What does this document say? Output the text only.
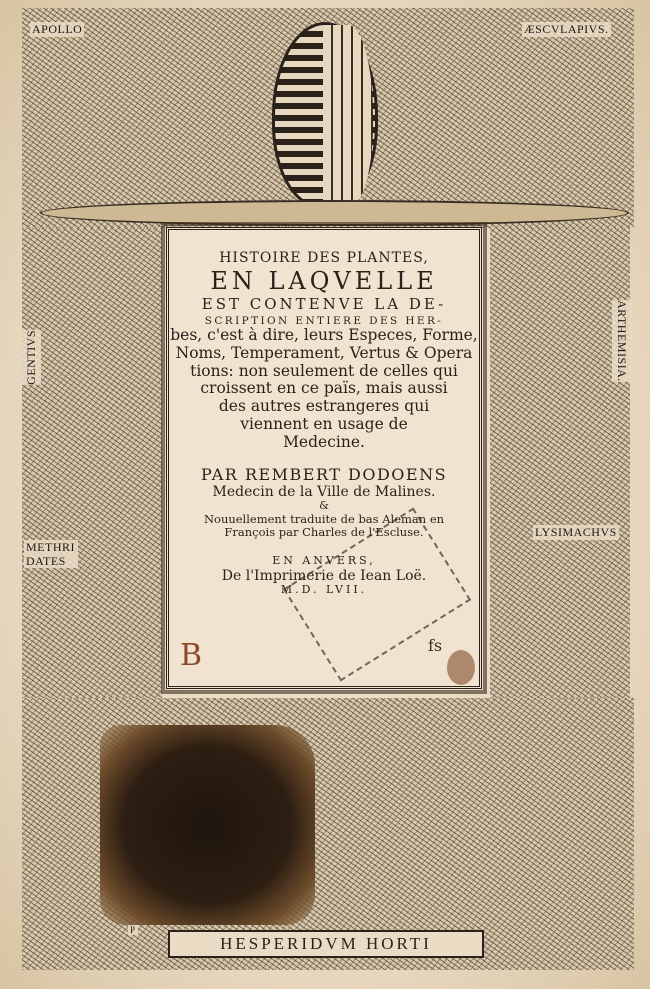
APOLLO	ÆSCVLAPIVS.
GENTIVS	ARTHEMISIA.
METHRI DATES
LYSIMACHVS
P
HISTOIRE DES PLANTES,
EN LAQVELLE
EST CONTENVE LA DE-
SCRIPTION ENTIERE DES HER-
bes, c'est à dire, leurs Especes, Forme,
Noms, Temperament, Vertus & Opera
tions: non seulement de celles qui
croissent en ce païs, mais aussi
des autres estrangeres qui
viennent en usage de
Medecine.
PAR REMBERT DODOENS
Medecin de la Ville de Malines.
&
Nouuellement traduite de bas Aleman en
François par Charles de l'Escluse.
EN ANVERS,
De l'Imprimerie de Iean Loë.
M.D. LVII.
B	fs
HESPERIDVM HORTI
